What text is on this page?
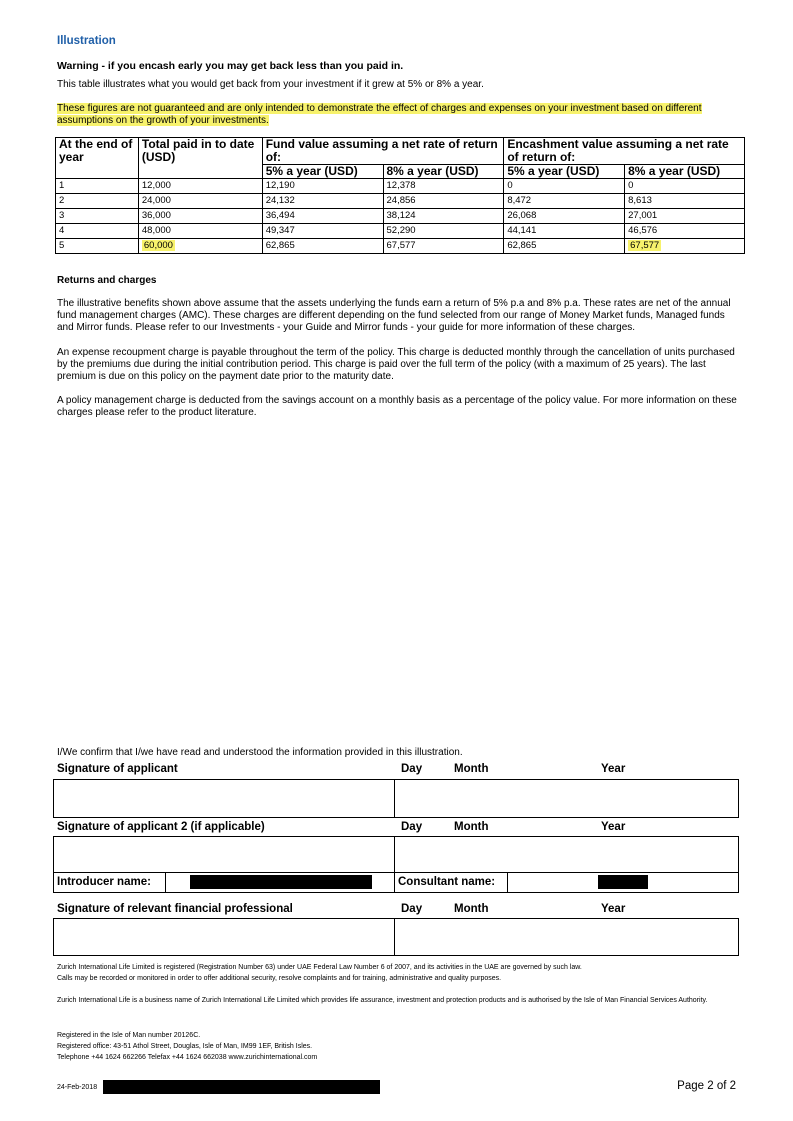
Illustration
Warning - if you encash early you may get back less than you paid in.
This table illustrates what you would get back from your investment if it grew at 5% or 8% a year.
These figures are not guaranteed and are only intended to demonstrate the effect of charges and expenses on your investment based on different assumptions on the growth of your investments.
At the end of year	Total paid in to date (USD)	Fund value assuming a net rate of return of:		Encashment value assuming a net rate of return of:	
		5% a year (USD)	8% a year (USD)	5% a year (USD)	8% a year (USD)
1	12,000	12,190	12,378	0	0
2	24,000	24,132	24,856	8,472	8,613
3	36,000	36,494	38,124	26,068	27,001
4	48,000	49,347	52,290	44,141	46,576
5	60,000	62,865	67,577	62,865	67,577
Returns and charges
The illustrative benefits shown above assume that the assets underlying the funds earn a return of 5% p.a and 8% p.a. These rates are net of the annual fund management charges (AMC). These charges are different depending on the fund selected from our range of Money Market funds, Managed funds and Mirror funds. Please refer to our Investments - your Guide and Mirror funds - your guide for more information of these charges.
An expense recoupment charge is payable throughout the term of the policy. This charge is deducted monthly through the cancellation of units purchased by the premiums due during the initial contribution period. This charge is paid over the full term of the policy (with a maximum of 25 years). The last premium is due on this policy on the payment date prior to the maturity date.
A policy management charge is deducted from the savings account on a monthly basis as a percentage of the policy value. For more information on these charges please refer to the product literature.
I/We confirm that I/we have read and understood the information provided in this illustration.
Signature of applicant	Day	Month	Year
Signature of applicant 2 (if applicable)	Day	Month	Year
Introducer name:	Consultant name:
Signature of relevant financial professional	Day	Month	Year
Zurich International Life Limited is registered (Registration Number 63) under UAE Federal Law Number 6 of 2007, and its activities in the UAE are governed by such law.
Calls may be recorded or monitored in order to offer additional security, resolve complaints and for training, administrative and quality purposes.
Zurich International Life is a business name of Zurich International Life Limited which provides life assurance, investment and protection products and is authorised by the Isle of Man Financial Services Authority.
Registered in the Isle of Man number 20126C.
Registered office: 43-51 Athol Street, Douglas, Isle of Man, IM99 1EF, British Isles.
Telephone +44 1624 662266 Telefax +44 1624 662038 www.zurichinternational.com
24-Feb-2018	Page 2 of 2
